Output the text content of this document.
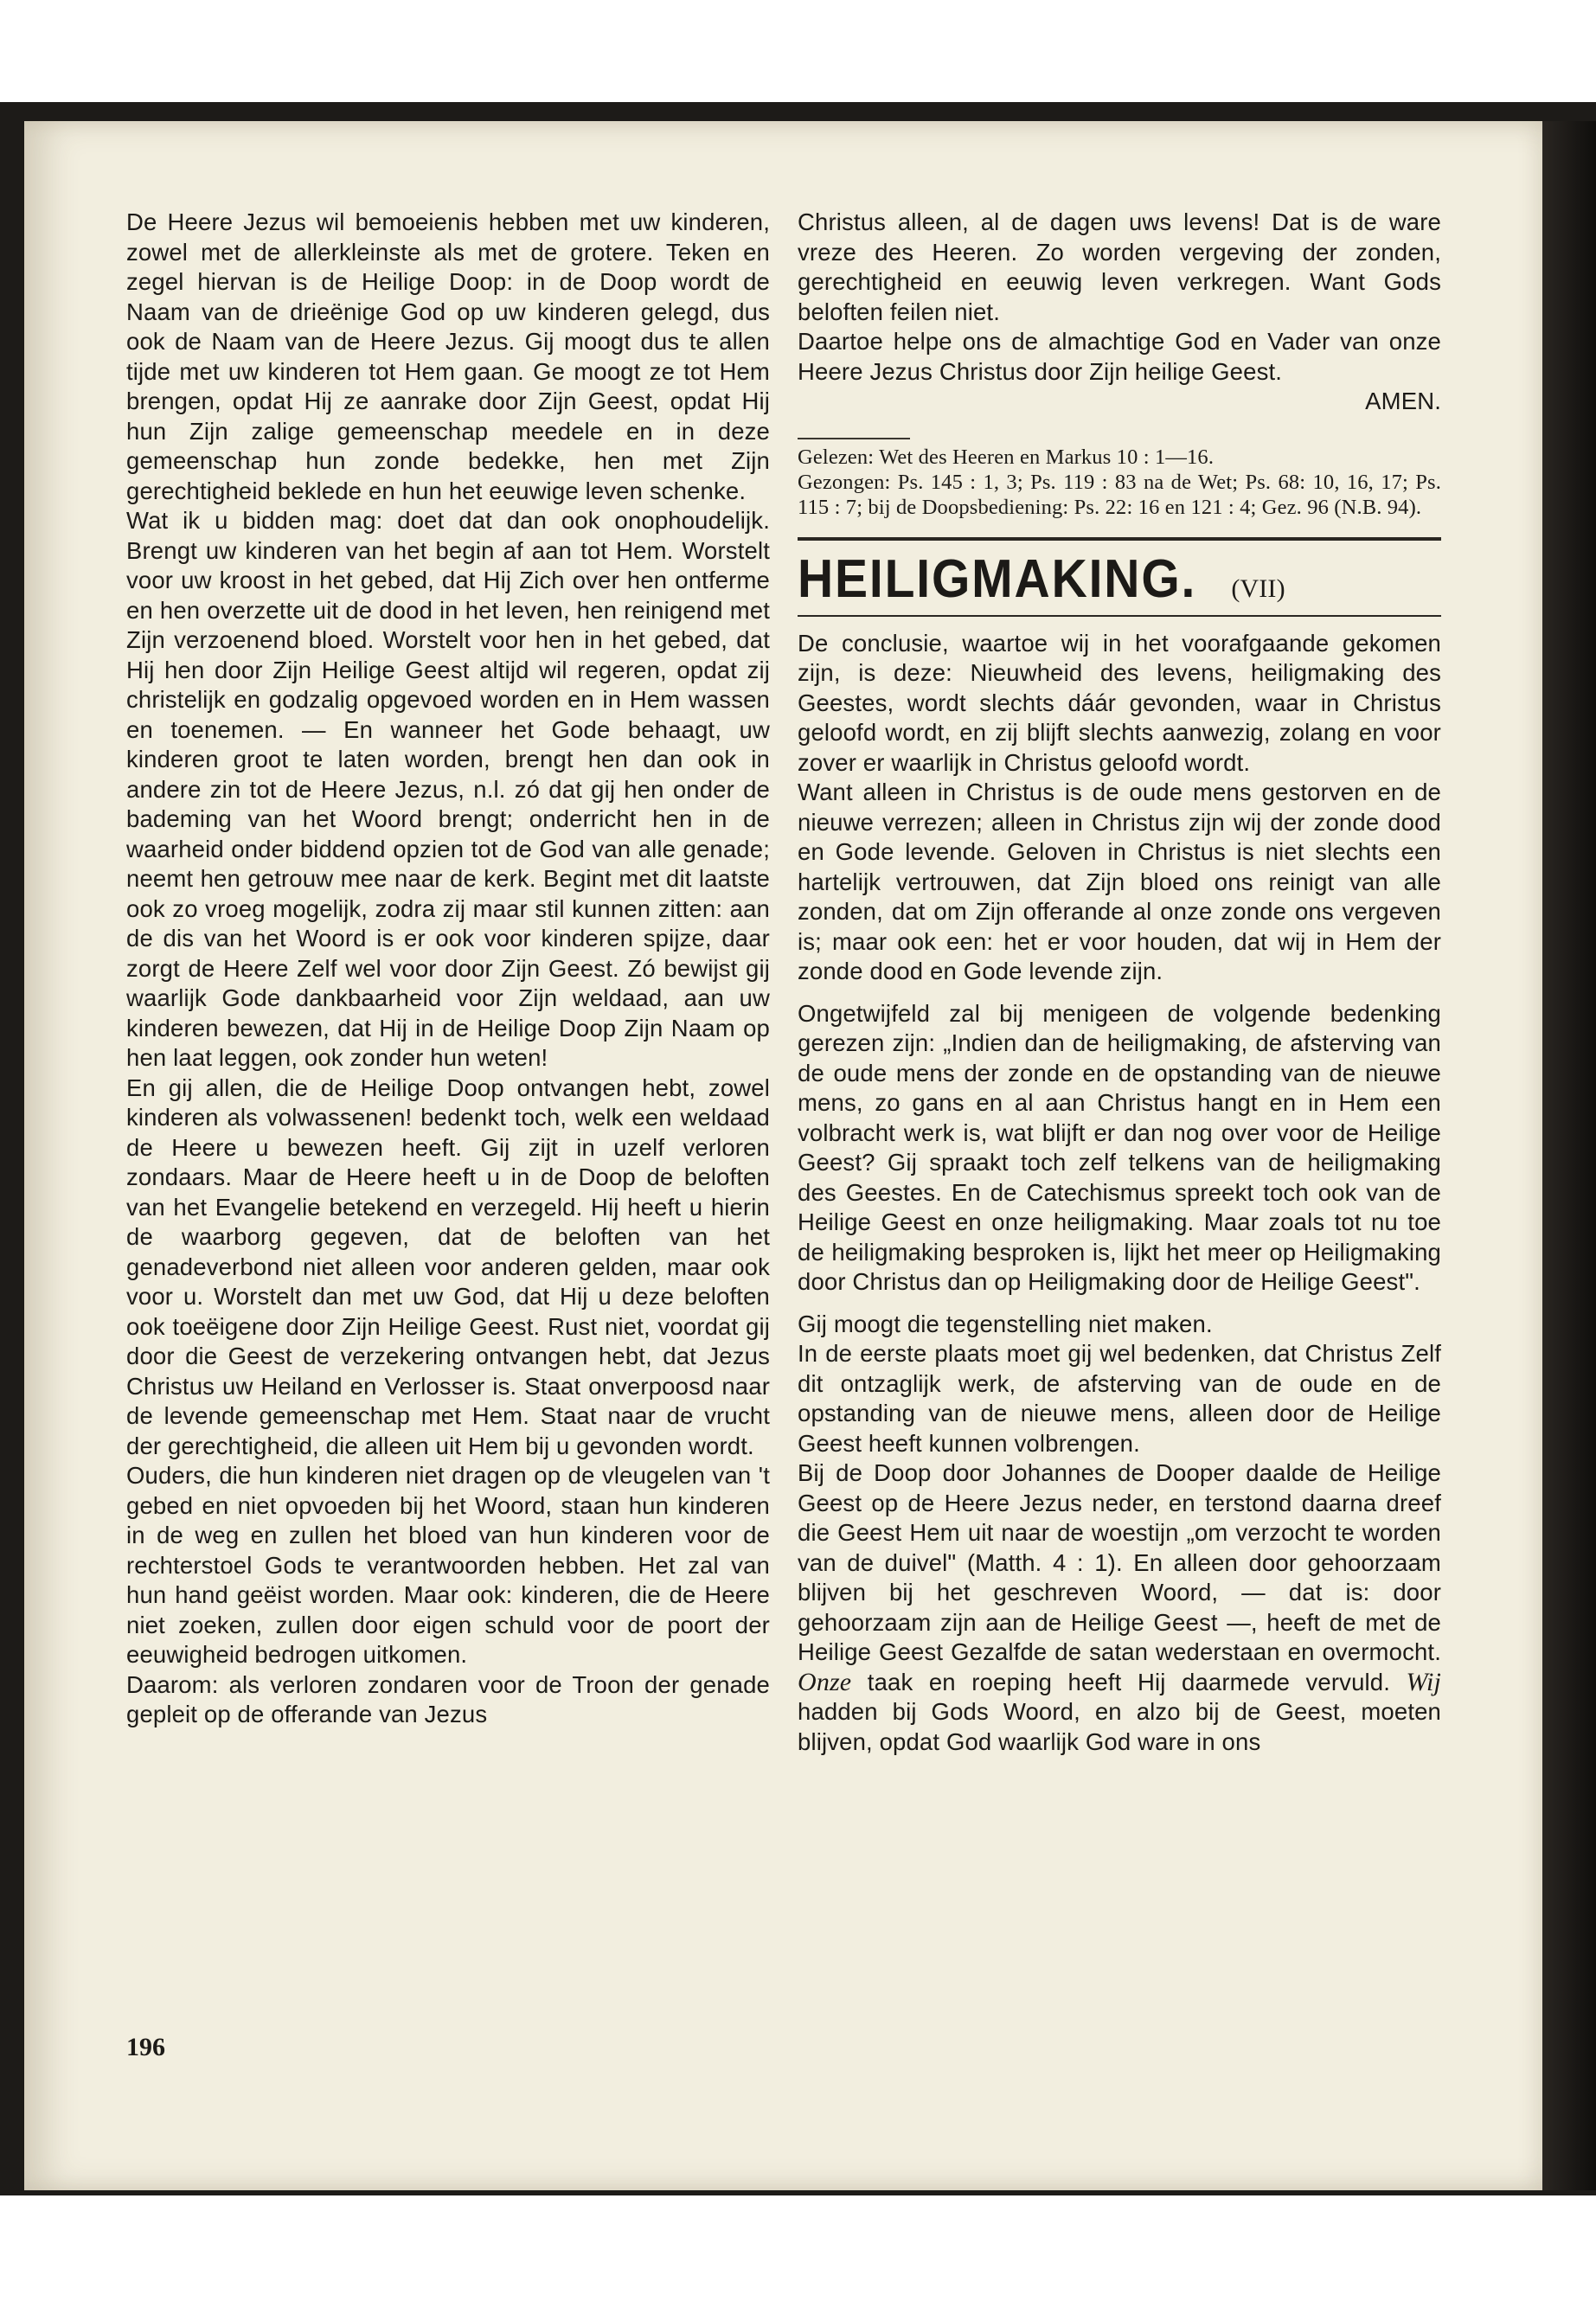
De Heere Jezus wil bemoeienis hebben met uw kinderen, zowel met de allerkleinste als met de grotere. Teken en zegel hiervan is de Heilige Doop: in de Doop wordt de Naam van de drieënige God op uw kinderen gelegd, dus ook de Naam van de Heere Jezus. Gij moogt dus te allen tijde met uw kinderen tot Hem gaan. Ge moogt ze tot Hem brengen, opdat Hij ze aanrake door Zijn Geest, opdat Hij hun Zijn zalige gemeenschap meedele en in deze gemeenschap hun zonde bedekke, hen met Zijn gerechtigheid beklede en hun het eeuwige leven schenke.

Wat ik u bidden mag: doet dat dan ook onophoudelijk. Brengt uw kinderen van het begin af aan tot Hem. Worstelt voor uw kroost in het gebed, dat Hij Zich over hen ontferme en hen overzette uit de dood in het leven, hen reinigend met Zijn verzoenend bloed. Worstelt voor hen in het gebed, dat Hij hen door Zijn Heilige Geest altijd wil regeren, opdat zij christelijk en godzalig opgevoed worden en in Hem wassen en toenemen. — En wanneer het Gode behaagt, uw kinderen groot te laten worden, brengt hen dan ook in andere zin tot de Heere Jezus, n.l. zó dat gij hen onder de bademing van het Woord brengt; onderricht hen in de waarheid onder biddend opzien tot de God van alle genade; neemt hen getrouw mee naar de kerk. Begint met dit laatste ook zo vroeg mogelijk, zodra zij maar stil kunnen zitten: aan de dis van het Woord is er ook voor kinderen spijze, daar zorgt de Heere Zelf wel voor door Zijn Geest. Zó bewijst gij waarlijk Gode dankbaarheid voor Zijn weldaad, aan uw kinderen bewezen, dat Hij in de Heilige Doop Zijn Naam op hen laat leggen, ook zonder hun weten!

En gij allen, die de Heilige Doop ontvangen hebt, zowel kinderen als volwassenen! bedenkt toch, welk een weldaad de Heere u bewezen heeft. Gij zijt in uzelf verloren zondaars. Maar de Heere heeft u in de Doop de beloften van het Evangelie betekend en verzegeld. Hij heeft u hierin de waarborg gegeven, dat de beloften van het genadeverbond niet alleen voor anderen gelden, maar ook voor u. Worstelt dan met uw God, dat Hij u deze beloften ook toeëigene door Zijn Heilige Geest. Rust niet, voordat gij door die Geest de verzekering ontvangen hebt, dat Jezus Christus uw Heiland en Verlosser is. Staat onverpoosd naar de levende gemeenschap met Hem. Staat naar de vrucht der gerechtigheid, die alleen uit Hem bij u gevonden wordt.

Ouders, die hun kinderen niet dragen op de vleugelen van 't gebed en niet opvoeden bij het Woord, staan hun kinderen in de weg en zullen het bloed van hun kinderen voor de rechterstoel Gods te verantwoorden hebben. Het zal van hun hand geëist worden. Maar ook: kinderen, die de Heere niet zoeken, zullen door eigen schuld voor de poort der eeuwigheid bedrogen uitkomen.

Daarom: als verloren zondaren voor de Troon der genade gepleit op de offerande van Jezus

196

Christus alleen, al de dagen uws levens! Dat is de ware vreze des Heeren. Zo worden vergeving der zonden, gerechtigheid en eeuwig leven verkregen. Want Gods beloften feilen niet.

Daartoe helpe ons de almachtige God en Vader van onze Heere Jezus Christus door Zijn heilige Geest.

AMEN.
Gelezen: Wet des Heeren en Markus 10 : 1—16.
Gezongen: Ps. 145 : 1, 3; Ps. 119 : 83 na de Wet; Ps. 68: 10, 16, 17; Ps. 115 : 7; bij de Doopsbediening: Ps. 22: 16 en 121 : 4; Gez. 96 (N.B. 94).
HEILIGMAKING. (VII)

De conclusie, waartoe wij in het voorafgaande gekomen zijn, is deze: Nieuwheid des levens, heiligmaking des Geestes, wordt slechts dáár gevonden, waar in Christus geloofd wordt, en zij blijft slechts aanwezig, zolang en voor zover er waarlijk in Christus geloofd wordt.

Want alleen in Christus is de oude mens gestorven en de nieuwe verrezen; alleen in Christus zijn wij der zonde dood en Gode levende. Geloven in Christus is niet slechts een hartelijk vertrouwen, dat Zijn bloed ons reinigt van alle zonden, dat om Zijn offerande al onze zonde ons vergeven is; maar ook een: het er voor houden, dat wij in Hem der zonde dood en Gode levende zijn.

Ongetwijfeld zal bij menigeen de volgende bedenking gerezen zijn: „Indien dan de heiligmaking, de afsterving van de oude mens der zonde en de opstanding van de nieuwe mens, zo gans en al aan Christus hangt en in Hem een volbracht werk is, wat blijft er dan nog over voor de Heilige Geest? Gij spraakt toch zelf telkens van de heiligmaking des Geestes. En de Catechismus spreekt toch ook van de Heilige Geest en onze heiligmaking. Maar zoals tot nu toe de heiligmaking besproken is, lijkt het meer op Heiligmaking door Christus dan op Heiligmaking door de Heilige Geest".

Gij moogt die tegenstelling niet maken.

In de eerste plaats moet gij wel bedenken, dat Christus Zelf dit ontzaglijk werk, de afsterving van de oude en de opstanding van de nieuwe mens, alleen door de Heilige Geest heeft kunnen volbrengen.

Bij de Doop door Johannes de Dooper daalde de Heilige Geest op de Heere Jezus neder, en terstond daarna dreef die Geest Hem uit naar de woestijn „om verzocht te worden van de duivel" (Matth. 4 : 1). En alleen door gehoorzaam blijven bij het geschreven Woord, — dat is: door gehoorzaam zijn aan de Heilige Geest —, heeft de met de Heilige Geest Gezalfde de satan wederstaan en overmocht. Onze taak en roeping heeft Hij daarmede vervuld. Wij hadden bij Gods Woord, en alzo bij de Geest, moeten blijven, opdat God waarlijk God ware in ons
